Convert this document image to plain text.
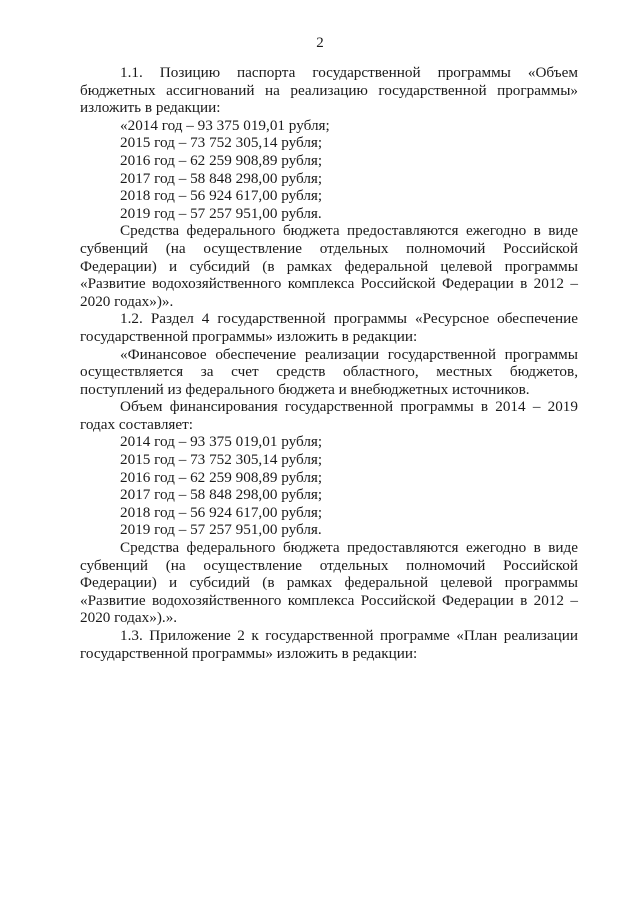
2

1.1. Позицию паспорта государственной программы «Объем бюджетных ассигнований на реализацию государственной программы» изложить в редакции:

«2014 год – 93 375 019,01 рубля;
2015 год – 73 752 305,14 рубля;
2016 год – 62 259 908,89 рубля;
2017 год – 58 848 298,00 рубля;
2018 год – 56 924 617,00 рубля;
2019 год – 57 257 951,00 рубля.

Средства федерального бюджета предоставляются ежегодно в виде субвенций (на осуществление отдельных полномочий Российской Федерации) и субсидий (в рамках федеральной целевой программы «Развитие водохозяйственного комплекса Российской Федерации в 2012 – 2020 годах»)».

1.2. Раздел 4 государственной программы «Ресурсное обеспечение государственной программы» изложить в редакции:

«Финансовое обеспечение реализации государственной программы осуществляется за счет средств областного, местных бюджетов, поступлений из федерального бюджета и внебюджетных источников.

Объем финансирования государственной программы в 2014 – 2019 годах составляет:

2014 год – 93 375 019,01 рубля;
2015 год – 73 752 305,14 рубля;
2016 год – 62 259 908,89 рубля;
2017 год – 58 848 298,00 рубля;
2018 год – 56 924 617,00 рубля;
2019 год – 57 257 951,00 рубля.

Средства федерального бюджета предоставляются ежегодно в виде субвенций (на осуществление отдельных полномочий Российской Федерации) и субсидий (в рамках федеральной целевой программы «Развитие водохозяйственного комплекса Российской Федерации в 2012 – 2020 годах»).».

1.3. Приложение 2 к государственной программе «План реализации государственной программы» изложить в редакции:
